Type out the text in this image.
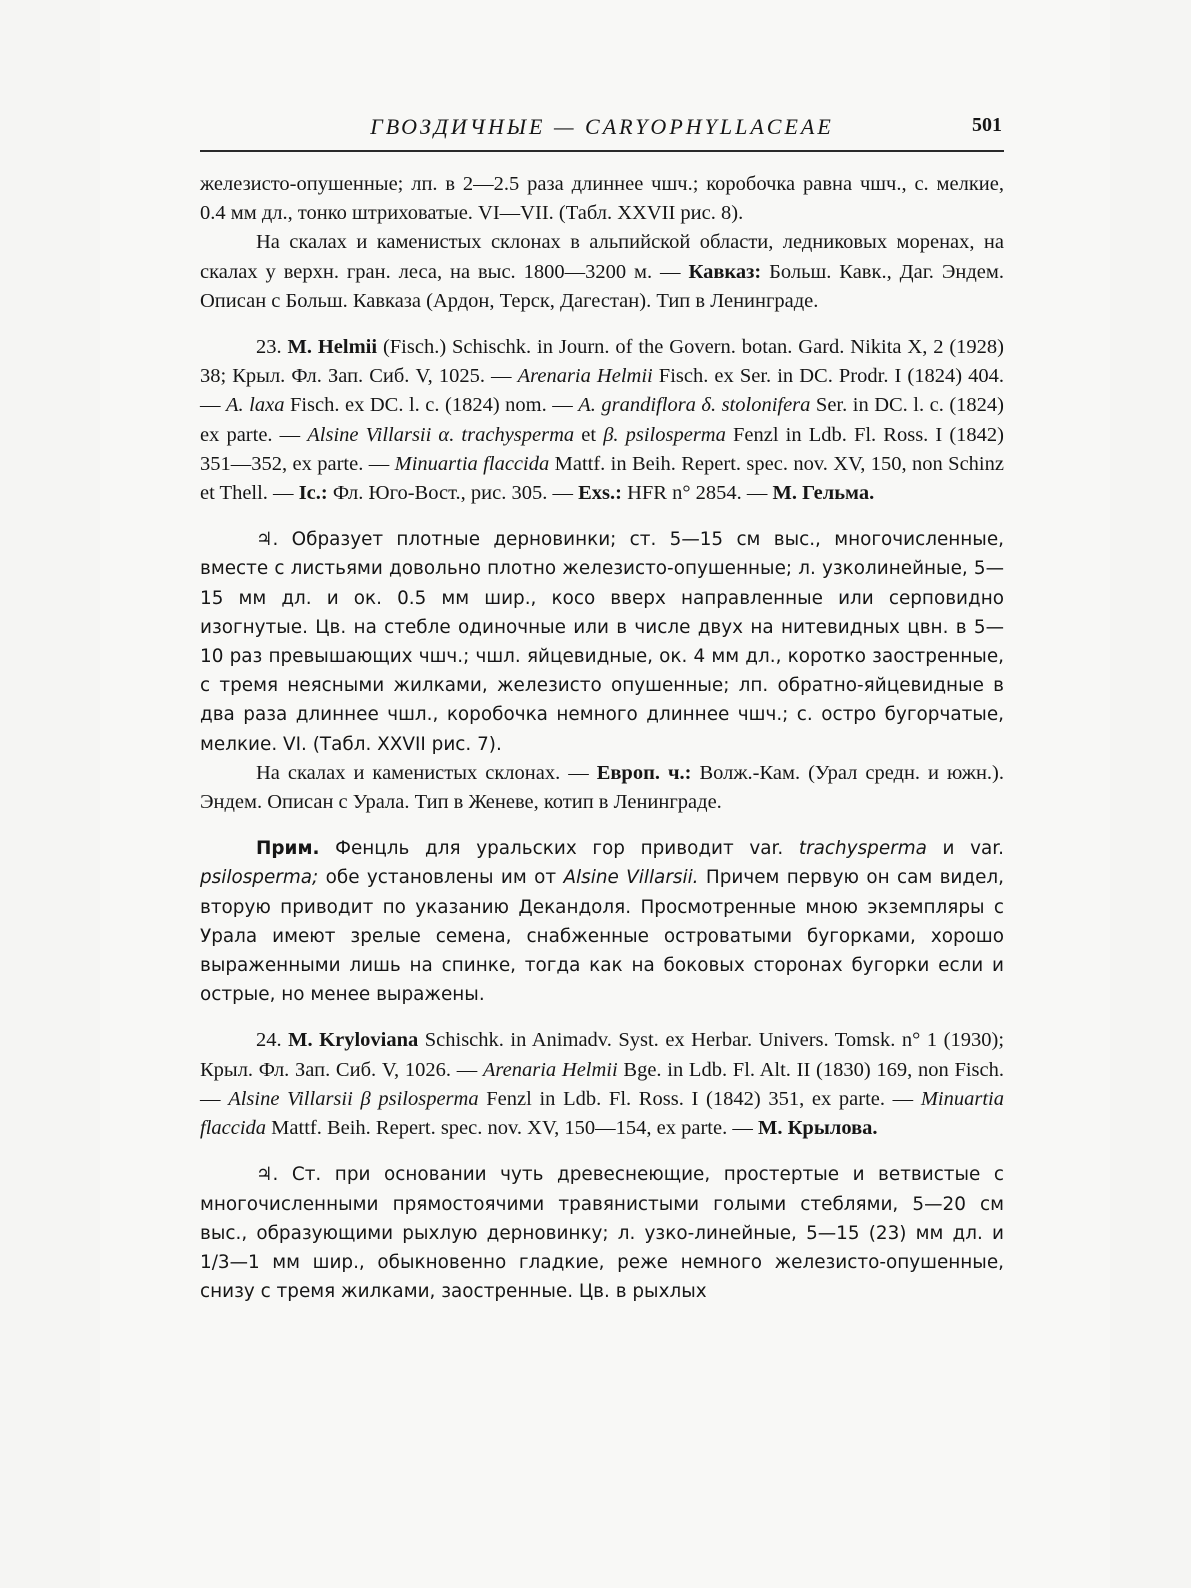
ГВОЗДИЧНЫЕ — CARYOPHYLLACEAE	501

железисто-опушенные; лп. в 2—2.5 раза длиннее чшч.; коробочка равна чшч., с. мелкие, 0.4 мм дл., тонко штриховатые. VI—VII. (Табл. XXVII рис. 8).

На скалах и каменистых склонах в альпийской области, ледниковых моренах, на скалах у верхн. гран. леса, на выс. 1800—3200 м. — Кавказ: Больш. Кавк., Даг. Эндем. Описан с Больш. Кавказа (Ардон, Терск, Дагестан). Тип в Ленинграде.

23. M. Helmii (Fisch.) Schischk. in Journ. of the Govern. botan. Gard. Nikita X, 2 (1928) 38; Крыл. Фл. Зап. Сиб. V, 1025. — Arenaria Helmii Fisch. ex Ser. in DC. Prodr. I (1824) 404. — A. laxa Fisch. ex DC. l. c. (1824) nom. — A. grandiflora δ. stolonifera Ser. in DC. l. c. (1824) ex parte. — Alsine Villarsii α. trachysperma et β. psilosperma Fenzl in Ldb. Fl. Ross. I (1842) 351—352, ex parte. — Minuartia flaccida Mattf. in Beih. Repert. spec. nov. XV, 150, non Schinz et Thell. — Ic.: Фл. Юго-Вост., рис. 305. — Exs.: HFR n° 2854. — M. Гельма.

♃. Образует плотные дерновинки; ст. 5—15 см выс., многочисленные, вместе с листьями довольно плотно железисто-опушенные; л. узколинейные, 5—15 мм дл. и ок. 0.5 мм шир., косо вверх направленные или серповидно изогнутые. Цв. на стебле одиночные или в числе двух на нитевидных цвн. в 5—10 раз превышающих чшч.; чшл. яйцевидные, ок. 4 мм дл., коротко заостренные, с тремя неясными жилками, железисто опушенные; лп. обратно-яйцевидные в два раза длиннее чшл., коробочка немного длиннее чшч.; с. остро бугорчатые, мелкие. VI. (Табл. XXVII рис. 7).

На скалах и каменистых склонах. — Европ. ч.: Волж.-Кам. (Урал средн. и южн.). Эндем. Описан с Урала. Тип в Женеве, котип в Ленинграде.

Прим. Фенцль для уральских гор приводит var. trachysperma и var. psilosperma; обе установлены им от Alsine Villarsii. Причем первую он сам видел, вторую приводит по указанию Декандоля. Просмотренные мною экземпляры с Урала имеют зрелые семена, снабженные островатыми бугорками, хорошо выраженными лишь на спинке, тогда как на боковых сторонах бугорки если и острые, но менее выражены.

24. M. Kryloviana Schischk. in Animadv. Syst. ex Herbar. Univers. Tomsk. n° 1 (1930); Крыл. Фл. Зап. Сиб. V, 1026. — Arenaria Helmii Bge. in Ldb. Fl. Alt. II (1830) 169, non Fisch. — Alsine Villarsii β psilosperma Fenzl in Ldb. Fl. Ross. I (1842) 351, ex parte. — Minuartia flaccida Mattf. Beih. Repert. spec. nov. XV, 150—154, ex parte. — M. Крылова.

♃. Ст. при основании чуть древеснеющие, простертые и ветвистые с многочисленными прямостоячими травянистыми голыми стеблями, 5—20 см выс., образующими рыхлую дерновинку; л. узко-линейные, 5—15 (23) мм дл. и 1/3—1 мм шир., обыкновенно гладкие, реже немного железисто-опушенные, снизу с тремя жилками, заостренные. Цв. в рыхлых
